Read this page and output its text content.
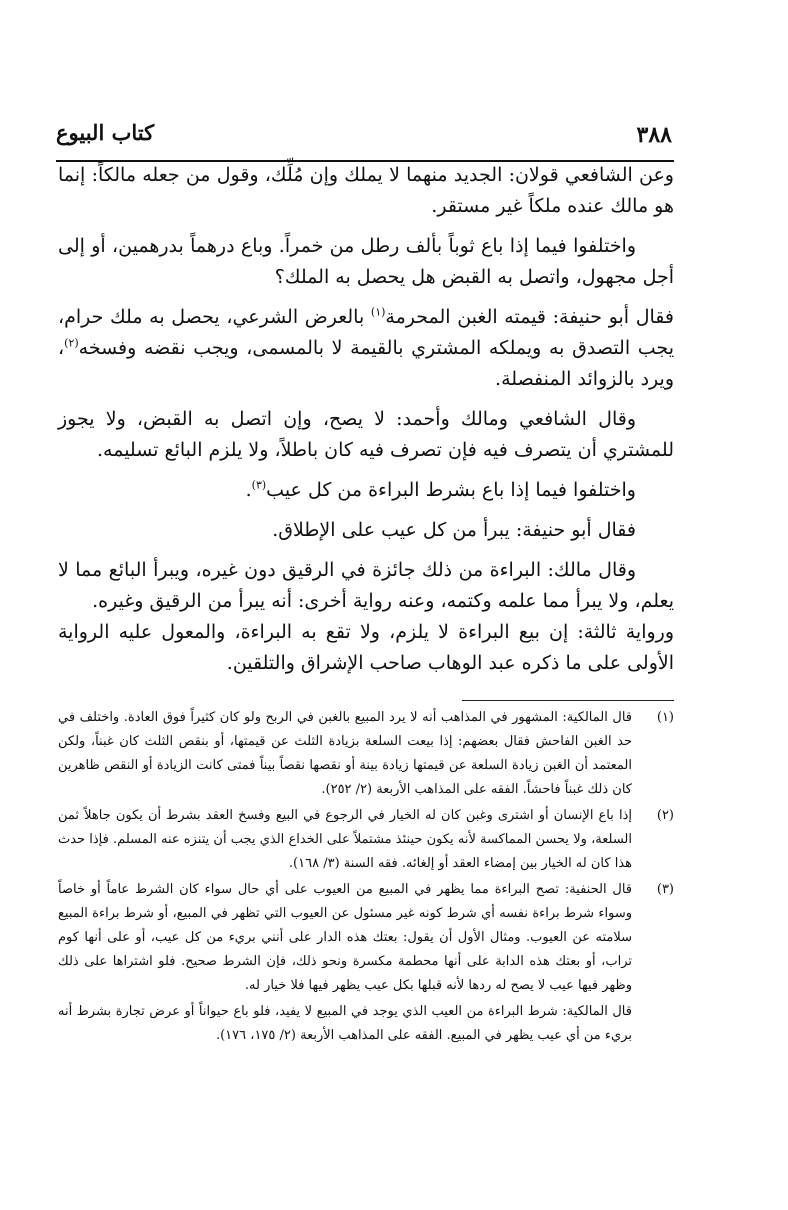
٣٨٨
كتاب البيوع

وعن الشافعي قولان: الجديد منهما لا يملك وإن مُلِّك، وقول من جعله مالكاً: إنما هو مالك عنده ملكاً غير مستقر.

واختلفوا فيما إذا باع ثوباً بألف رطل من خمراً. وباع درهماً بدرهمين، أو إلى أجل مجهول، واتصل به القبض هل يحصل به الملك؟

فقال أبو حنيفة: قيمته الغبن المحرمة$^{(١)}$ بالعرض الشرعي، يحصل به ملك حرام، يجب التصدق به ويملكه المشتري بالقيمة لا بالمسمى، ويجب نقضه وفسخه$^{(٢)}$، ويرد بالزوائد المنفصلة.

وقال الشافعي ومالك وأحمد: لا يصح، وإن اتصل به القبض، ولا يجوز للمشتري أن يتصرف فيه فإن تصرف فيه كان باطلاً، ولا يلزم البائع تسليمه.

واختلفوا فيما إذا باع بشرط البراءة من كل عيب$^{(٣)}$.

فقال أبو حنيفة: يبرأ من كل عيب على الإطلاق.

وقال مالك: البراءة من ذلك جائزة في الرقيق دون غيره، ويبرأ البائع مما لا يعلم، ولا يبرأ مما علمه وكتمه، وعنه رواية أخرى: أنه يبرأ من الرقيق وغيره.

ورواية ثالثة: إن بيع البراءة لا يلزم، ولا تقع به البراءة، والمعول عليه الرواية الأولى على ما ذكره عبد الوهاب صاحب الإشراق والتلقين.

(١)
قال المالكية: المشهور في المذاهب أنه لا يرد المبيع بالغبن في الربح ولو كان كثيراً فوق العادة. واختلف في حد الغبن الفاحش فقال بعضهم: إذا بيعت السلعة بزيادة الثلث عن قيمتها، أو بنقص الثلث كان غبناً، ولكن المعتمد أن الغبن زيادة السلعة عن قيمتها زيادة بينة أو نقصها نقصاً بيناً فمتى كانت الزيادة أو النقص ظاهرين كان ذلك غبناً فاحشاً. الفقه على المذاهب الأربعة (٢/ ٢٥٢).
(٢)
إذا باع الإنسان أو اشترى وغبن كان له الخيار في الرجوع في البيع وفسخ العقد بشرط أن يكون جاهلاً ثمن السلعة، ولا يحسن المماكسة لأنه يكون حينئذ مشتملاً على الخداع الذي يجب أن يتنزه عنه المسلم. فإذا حدث هذا كان له الخيار بين إمضاء العقد أو إلغائه. فقه السنة (٣/ ١٦٨).
(٣)
قال الحنفية: تصح البراءة مما يظهر في المبيع من العيوب على أي حال سواء كان الشرط عاماً أو خاصاً وسواء شرط براءة نفسه أي شرط كونه غير مسئول عن العيوب التي تظهر في المبيع، أو شرط براءة المبيع سلامته عن العيوب. ومثال الأول أن يقول: بعتك هذه الدار على أنني بريء من كل عيب، أو على أنها كوم تراب، أو بعتك هذه الدابة على أنها محطمة مكسرة ونحو ذلك، فإن الشرط صحيح. فلو اشتراها على ذلك وظهر فيها عيب لا يصح له ردها لأنه قبلها بكل عيب يظهر فيها فلا خيار له.
قال المالكية: شرط البراءة من العيب الذي يوجد في المبيع لا يفيد، فلو باع حيواناً أو عرض تجارة بشرط أنه بريء من أي عيب يظهر في المبيع. الفقه على المذاهب الأربعة (٢/ ١٧٥، ١٧٦).
